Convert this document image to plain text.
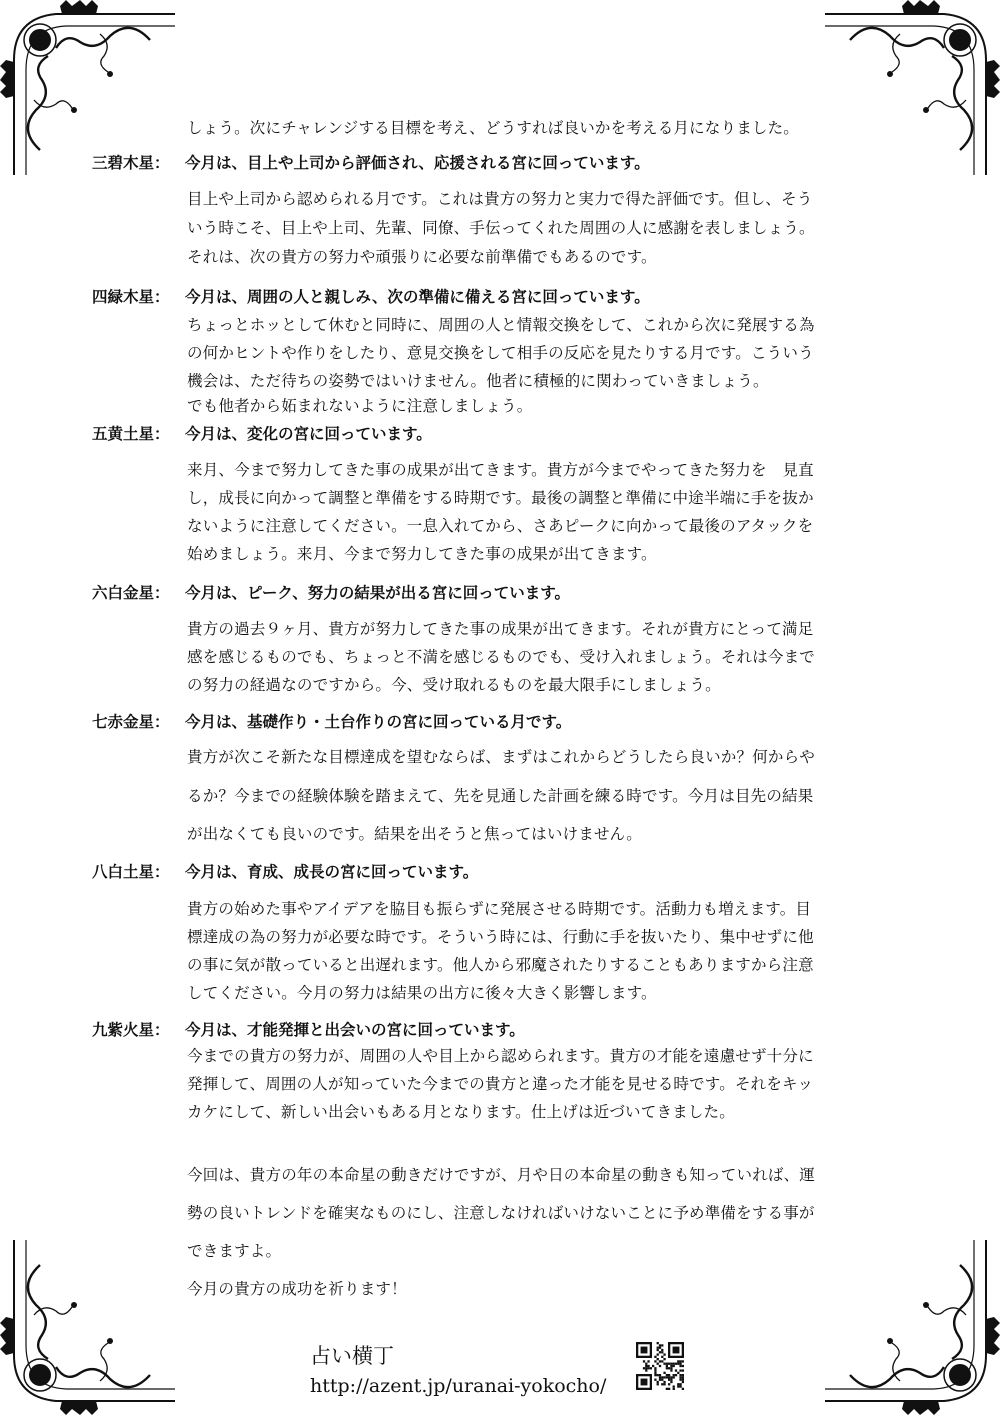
しょう。次にチャレンジする目標を考え、どうすれば良いかを考える月になりました。

三碧木星： 今月は、目上や上司から評価され、応援される宮に回っています。

目上や上司から認められる月です。これは貴方の努力と実力で得た評価です。但し、そう

いう時こそ、目上や上司、先輩、同僚、手伝ってくれた周囲の人に感謝を表しましょう。

それは、次の貴方の努力や頑張りに必要な前準備でもあるのです。

四緑木星： 今月は、周囲の人と親しみ、次の準備に備える宮に回っています。

ちょっとホッとして休むと同時に、周囲の人と情報交換をして、これから次に発展する為

の何かヒントや作りをしたり、意見交換をして相手の反応を見たりする月です。こういう

機会は、ただ待ちの姿勢ではいけません。他者に積極的に関わっていきましょう。

でも他者から妬まれないように注意しましょう。

五黄土星： 今月は、変化の宮に回っています。

来月、今まで努力してきた事の成果が出てきます。貴方が今までやってきた努力を　見直

し，成長に向かって調整と準備をする時期です。最後の調整と準備に中途半端に手を抜か

ないように注意してください。一息入れてから、さあピークに向かって最後のアタックを

始めましょう。来月、今まで努力してきた事の成果が出てきます。

六白金星： 今月は、ピーク、努力の結果が出る宮に回っています。

貴方の過去９ヶ月、貴方が努力してきた事の成果が出てきます。それが貴方にとって満足

感を感じるものでも、ちょっと不満を感じるものでも、受け入れましょう。それは今まで

の努力の経過なのですから。今、受け取れるものを最大限手にしましょう。

七赤金星： 今月は、基礎作り・土台作りの宮に回っている月です。

貴方が次こそ新たな目標達成を望むならば、まずはこれからどうしたら良いか？何からや

るか？今までの経験体験を踏まえて、先を見通した計画を練る時です。今月は目先の結果

が出なくても良いのです。結果を出そうと焦ってはいけません。

八白土星： 今月は、育成、成長の宮に回っています。

貴方の始めた事やアイデアを脇目も振らずに発展させる時期です。活動力も増えます。目

標達成の為の努力が必要な時です。そういう時には、行動に手を抜いたり、集中せずに他

の事に気が散っていると出遅れます。他人から邪魔されたりすることもありますから注意

してください。今月の努力は結果の出方に後々大きく影響します。

九紫火星： 今月は、才能発揮と出会いの宮に回っています。

今までの貴方の努力が、周囲の人や目上から認められます。貴方の才能を遠慮せず十分に

発揮して、周囲の人が知っていた今までの貴方と違った才能を見せる時です。それをキッ

カケにして、新しい出会いもある月となります。仕上げは近づいてきました。

今回は、貴方の年の本命星の動きだけですが、月や日の本命星の動きも知っていれば、運

勢の良いトレンドを確実なものにし、注意しなければいけないことに予め準備をする事が

できますよ。

今月の貴方の成功を祈ります！

占い横丁
http://azent.jp/uranai-yokocho/
